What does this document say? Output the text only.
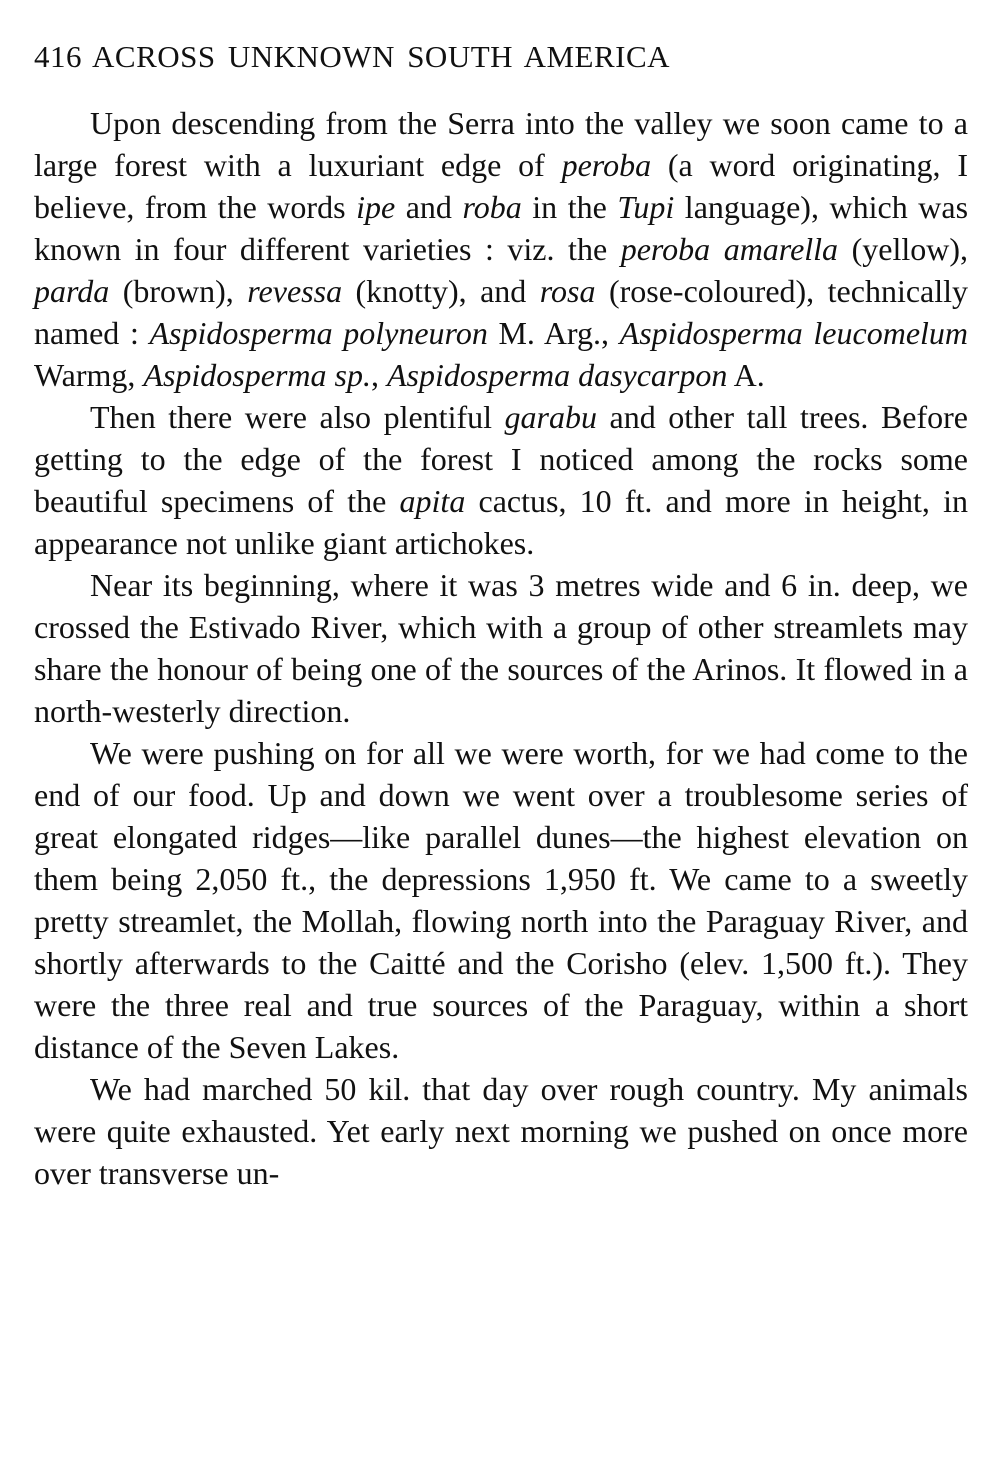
416 ACROSS UNKNOWN SOUTH AMERICA

Upon descending from the Serra into the valley we soon came to a large forest with a luxuriant edge of peroba (a word originating, I believe, from the words ipe and roba in the Tupi language), which was known in four different varieties : viz. the peroba amarella (yellow), parda (brown), revessa (knotty), and rosa (rose-coloured), technically named : Aspidosperma polyneuron M. Arg., Aspidosperma leucomelum Warmg, Aspidosperma sp., Aspidosperma dasycarpon A.

Then there were also plentiful garabu and other tall trees. Before getting to the edge of the forest I noticed among the rocks some beautiful specimens of the apita cactus, 10 ft. and more in height, in appearance not unlike giant artichokes.

Near its beginning, where it was 3 metres wide and 6 in. deep, we crossed the Estivado River, which with a group of other streamlets may share the honour of being one of the sources of the Arinos. It flowed in a north-westerly direction.

We were pushing on for all we were worth, for we had come to the end of our food. Up and down we went over a troublesome series of great elongated ridges—like parallel dunes—the highest elevation on them being 2,050 ft., the depressions 1,950 ft. We came to a sweetly pretty streamlet, the Mollah, flowing north into the Paraguay River, and shortly afterwards to the Caitté and the Corisho (elev. 1,500 ft.). They were the three real and true sources of the Paraguay, within a short distance of the Seven Lakes.

We had marched 50 kil. that day over rough country. My animals were quite exhausted. Yet early next morning we pushed on once more over transverse un-
